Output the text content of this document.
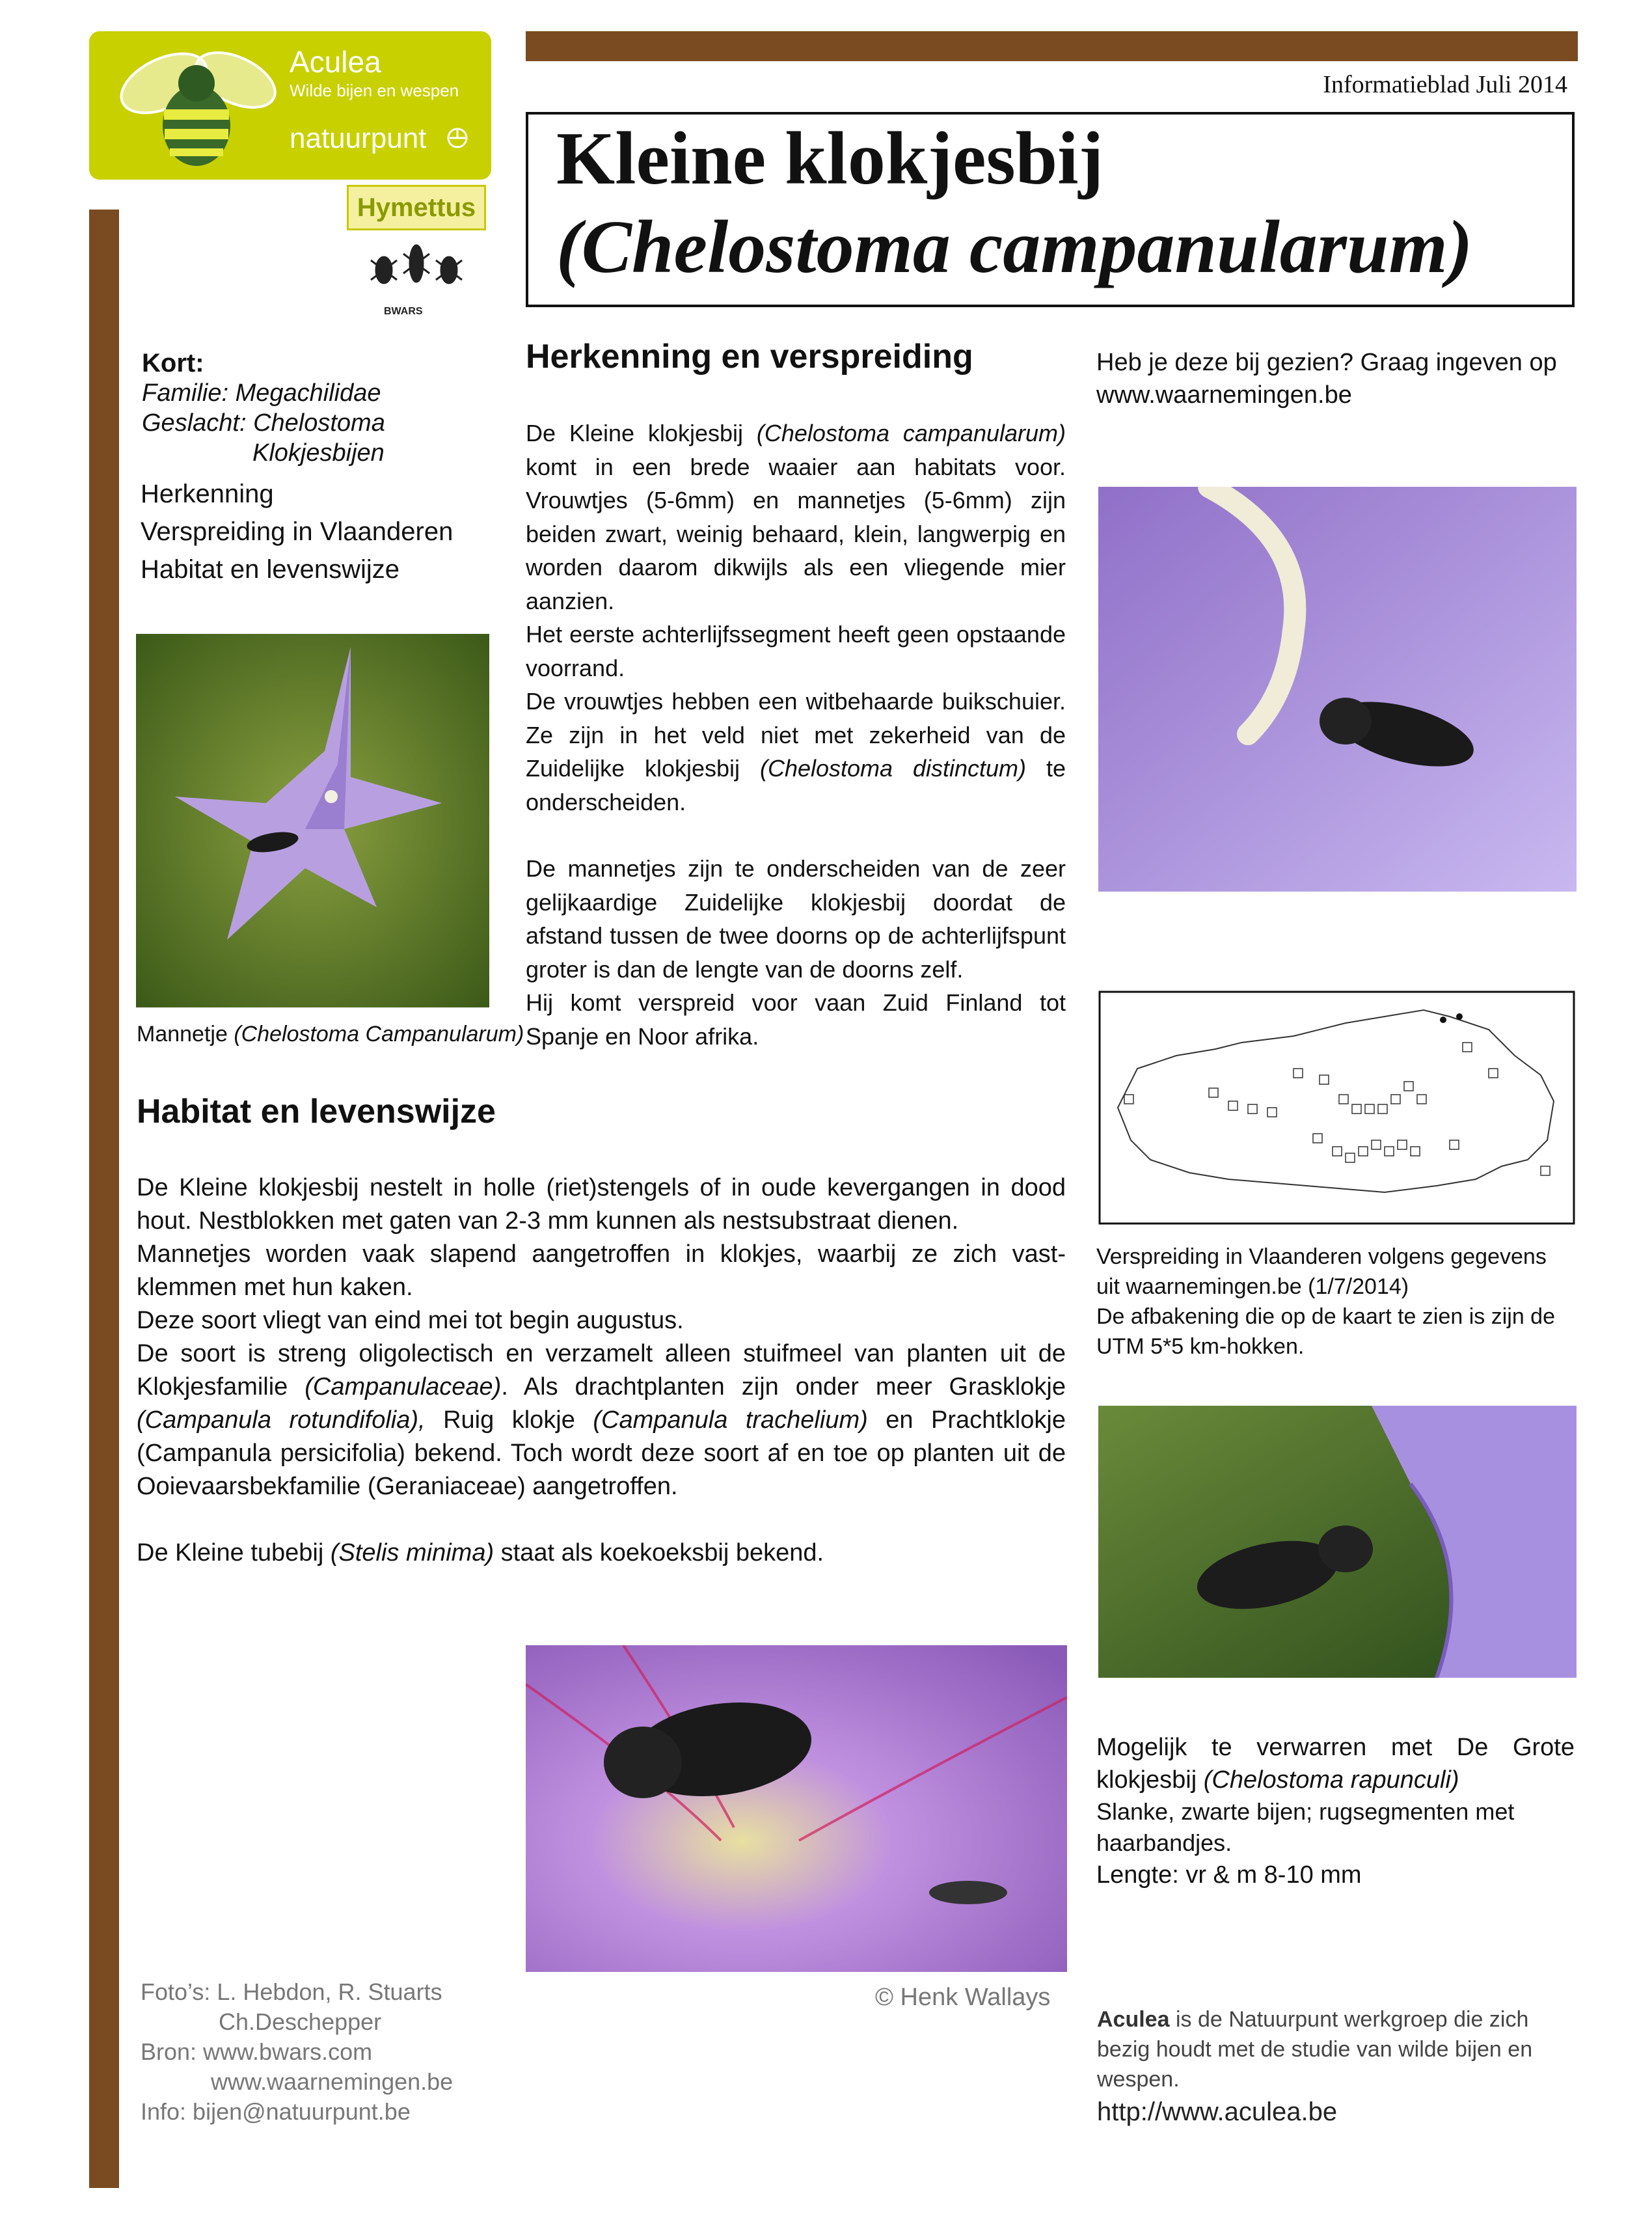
Aculea
Wilde bijen en wespen
natuurpunt
Hymettus
BWARS
Informatieblad Juli 2014
Kleine klokjesbij
(Chelostoma campanularum)
Kort:
Familie: Megachilidae
Geslacht: Chelostoma
Klokjesbijen
Herkenning
Verspreiding in Vlaanderen
Habitat en levenswijze
Mannetje (Chelostoma Campanularum)
Herkenning en verspreiding

De Kleine klokjesbij (Chelostoma campanularum) komt in een brede waaier aan habitats voor. Vrouwtjes (5-6mm) en mannetjes (5-6mm) zijn beiden zwart, weinig behaard, klein, langwerpig en worden daarom dikwijls als een vliegende mier aanzien.

Het eerste achterlijfssegment heeft geen opstaande voorrand.

De vrouwtjes hebben een witbehaarde buikschuier. Ze zijn in het veld niet met zekerheid van de Zuidelijke klokjesbij (Chelostoma distinctum) te onderscheiden.

De mannetjes zijn te onderscheiden van de zeer gelijkaardige Zuidelijke klokjesbij doordat de afstand tussen de twee doorns op de achterlijfspunt groter is dan de lengte van de doorns zelf.

Hij komt verspreid voor vaan Zuid Finland tot Spanje en Noor afrika.

Habitat en levenswijze

De Kleine klokjesbij nestelt in holle (riet)stengels of in oude kevergangen in dood hout. Nestblokken met gaten van 2-3 mm kunnen als nestsubstraat dienen.

Mannetjes worden vaak slapend aangetroffen in klokjes, waarbij ze zich vast-klemmen met hun kaken.

Deze soort vliegt van eind mei tot begin augustus.

De soort is streng oligolectisch en verzamelt alleen stuifmeel van planten uit de Klokjesfamilie (Campanulaceae). Als drachtplanten zijn onder meer Grasklokje (Campanula rotundifolia), Ruig klokje (Campanula trachelium) en Prachtklokje (Campanula persicifolia) bekend. Toch wordt deze soort af en toe op planten uit de Ooievaarsbekfamilie (Geraniaceae) aangetroffen.

De Kleine tubebij (Stelis minima) staat als koekoeksbij bekend.

Heb je deze bij gezien? Graag ingeven op www.waarnemingen.be

Verspreiding in Vlaanderen volgens gegevens uit waarnemingen.be (1/7/2014)

De afbakening die op de kaart te zien is zijn de UTM 5*5 km-hokken.

Mogelijk te verwarren met De Grote klokjesbij (Chelostoma rapunculi)

Slanke, zwarte bijen; rugsegmenten met haarbandjes.

Lengte: vr & m 8-10 mm

Foto’s: L. Hebdon, R. Stuarts
Ch.Deschepper
Bron: www.bwars.com
www.waarnemingen.be
Info: bijen@natuurpunt.be
© Henk Wallays

Aculea is de Natuurpunt werkgroep die zich bezig houdt met de studie van wilde bijen en wespen.

http://www.aculea.be
